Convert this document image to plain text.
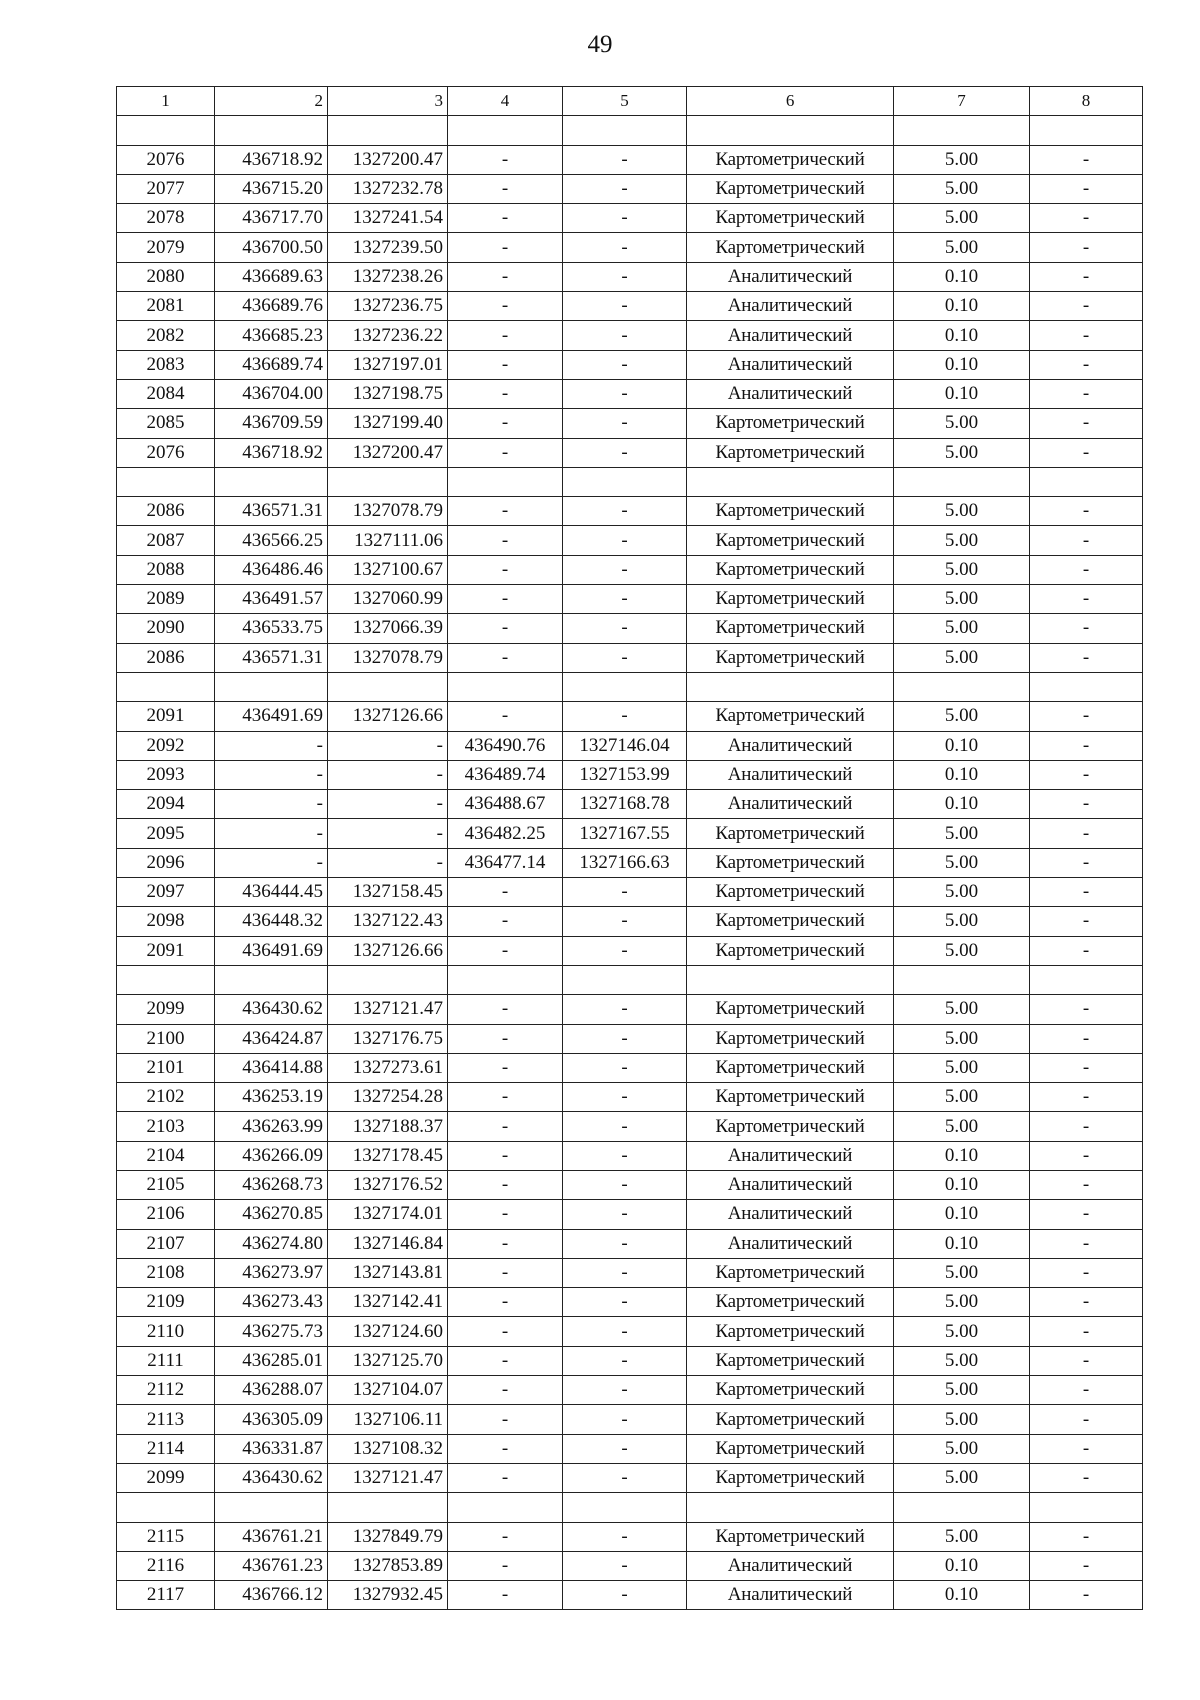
49
1	2	3	4	5	6	7	8

2076	436718.92	1327200.47	-	-	Картометрический	5.00	-
2077	436715.20	1327232.78	-	-	Картометрический	5.00	-
2078	436717.70	1327241.54	-	-	Картометрический	5.00	-
2079	436700.50	1327239.50	-	-	Картометрический	5.00	-
2080	436689.63	1327238.26	-	-	Аналитический	0.10	-
2081	436689.76	1327236.75	-	-	Аналитический	0.10	-
2082	436685.23	1327236.22	-	-	Аналитический	0.10	-
2083	436689.74	1327197.01	-	-	Аналитический	0.10	-
2084	436704.00	1327198.75	-	-	Аналитический	0.10	-
2085	436709.59	1327199.40	-	-	Картометрический	5.00	-
2076	436718.92	1327200.47	-	-	Картометрический	5.00	-

2086	436571.31	1327078.79	-	-	Картометрический	5.00	-
2087	436566.25	1327111.06	-	-	Картометрический	5.00	-
2088	436486.46	1327100.67	-	-	Картометрический	5.00	-
2089	436491.57	1327060.99	-	-	Картометрический	5.00	-
2090	436533.75	1327066.39	-	-	Картометрический	5.00	-
2086	436571.31	1327078.79	-	-	Картометрический	5.00	-

2091	436491.69	1327126.66	-	-	Картометрический	5.00	-
2092	-	-	436490.76	1327146.04	Аналитический	0.10	-
2093	-	-	436489.74	1327153.99	Аналитический	0.10	-
2094	-	-	436488.67	1327168.78	Аналитический	0.10	-
2095	-	-	436482.25	1327167.55	Картометрический	5.00	-
2096	-	-	436477.14	1327166.63	Картометрический	5.00	-
2097	436444.45	1327158.45	-	-	Картометрический	5.00	-
2098	436448.32	1327122.43	-	-	Картометрический	5.00	-
2091	436491.69	1327126.66	-	-	Картометрический	5.00	-

2099	436430.62	1327121.47	-	-	Картометрический	5.00	-
2100	436424.87	1327176.75	-	-	Картометрический	5.00	-
2101	436414.88	1327273.61	-	-	Картометрический	5.00	-
2102	436253.19	1327254.28	-	-	Картометрический	5.00	-
2103	436263.99	1327188.37	-	-	Картометрический	5.00	-
2104	436266.09	1327178.45	-	-	Аналитический	0.10	-
2105	436268.73	1327176.52	-	-	Аналитический	0.10	-
2106	436270.85	1327174.01	-	-	Аналитический	0.10	-
2107	436274.80	1327146.84	-	-	Аналитический	0.10	-
2108	436273.97	1327143.81	-	-	Картометрический	5.00	-
2109	436273.43	1327142.41	-	-	Картометрический	5.00	-
2110	436275.73	1327124.60	-	-	Картометрический	5.00	-
2111	436285.01	1327125.70	-	-	Картометрический	5.00	-
2112	436288.07	1327104.07	-	-	Картометрический	5.00	-
2113	436305.09	1327106.11	-	-	Картометрический	5.00	-
2114	436331.87	1327108.32	-	-	Картометрический	5.00	-
2099	436430.62	1327121.47	-	-	Картометрический	5.00	-

2115	436761.21	1327849.79	-	-	Картометрический	5.00	-
2116	436761.23	1327853.89	-	-	Аналитический	0.10	-
2117	436766.12	1327932.45	-	-	Аналитический	0.10	-
